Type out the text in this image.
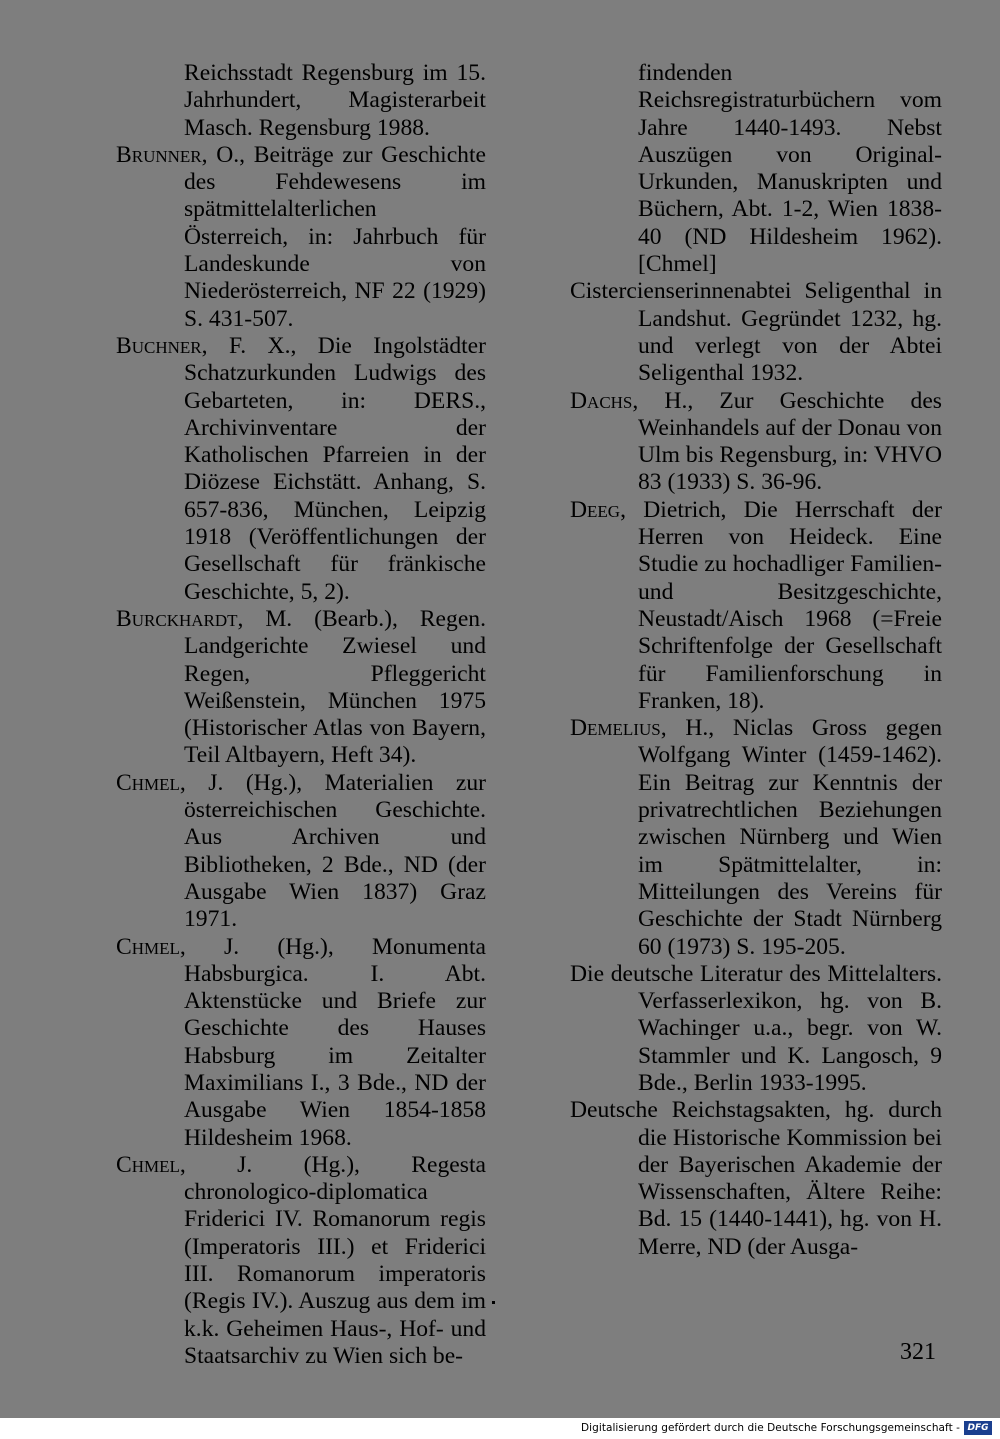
Reichsstadt Regensburg im 15. Jahrhundert, Magisterarbeit Masch. Regensburg 1988.
Brunner, O., Beiträge zur Geschichte des Fehdewesens im spätmittelalterlichen Österreich, in: Jahrbuch für Landeskunde von Niederösterreich, NF 22 (1929) S. 431-507.
Buchner, F. X., Die Ingolstädter Schatzurkunden Ludwigs des Gebarteten, in: DERS., Archivinventare der Katholischen Pfarreien in der Diözese Eichstätt. Anhang, S. 657-836, München, Leipzig 1918 (Veröffentlichungen der Gesellschaft für fränkische Geschichte, 5, 2).
Burckhardt, M. (Bearb.), Regen. Landgerichte Zwiesel und Regen, Pfleggericht Weißenstein, München 1975 (Historischer Atlas von Bayern, Teil Altbayern, Heft 34).
Chmel, J. (Hg.), Materialien zur österreichischen Geschichte. Aus Archiven und Bibliotheken, 2 Bde., ND (der Ausgabe Wien 1837) Graz 1971.
Chmel, J. (Hg.), Monumenta Habsburgica. I. Abt. Aktenstücke und Briefe zur Geschichte des Hauses Habsburg im Zeitalter Maximilians I., 3 Bde., ND der Ausgabe Wien 1854-1858 Hildesheim 1968.
Chmel, J. (Hg.), Regesta chronologico-diplomatica Friderici IV. Romanorum regis (Imperatoris III.) et Friderici III. Romanorum imperatoris (Regis IV.). Auszug aus dem im k.k. Geheimen Haus-, Hof- und Staatsarchiv zu Wien sich be-
findenden Reichsregistraturbüchern vom Jahre 1440-1493. Nebst Auszügen von Original-Urkunden, Manuskripten und Büchern, Abt. 1-2, Wien 1838-40 (ND Hildesheim 1962). [Chmel]
Cistercienserinnenabtei Seligenthal in Landshut. Gegründet 1232, hg. und verlegt von der Abtei Seligenthal 1932.
Dachs, H., Zur Geschichte des Weinhandels auf der Donau von Ulm bis Regensburg, in: VHVO 83 (1933) S. 36-96.
Deeg, Dietrich, Die Herrschaft der Herren von Heideck. Eine Studie zu hochadliger Familien- und Besitzgeschichte, Neustadt/Aisch 1968 (=Freie Schriftenfolge der Gesellschaft für Familienforschung in Franken, 18).
Demelius, H., Niclas Gross gegen Wolfgang Winter (1459-1462). Ein Beitrag zur Kenntnis der privatrechtlichen Beziehungen zwischen Nürnberg und Wien im Spätmittelalter, in: Mitteilungen des Vereins für Geschichte der Stadt Nürnberg 60 (1973) S. 195-205.
Die deutsche Literatur des Mittelalters. Verfasserlexikon, hg. von B. Wachinger u.a., begr. von W. Stammler und K. Langosch, 9 Bde., Berlin 1933-1995.
Deutsche Reichstagsakten, hg. durch die Historische Kommission bei der Bayerischen Akademie der Wissenschaften, Ältere Reihe: Bd. 15 (1440-1441), hg. von H. Merre, ND (der Ausga-
321
Digitalisierung gefördert durch die Deutsche Forschungsgemeinschaft - DFG
